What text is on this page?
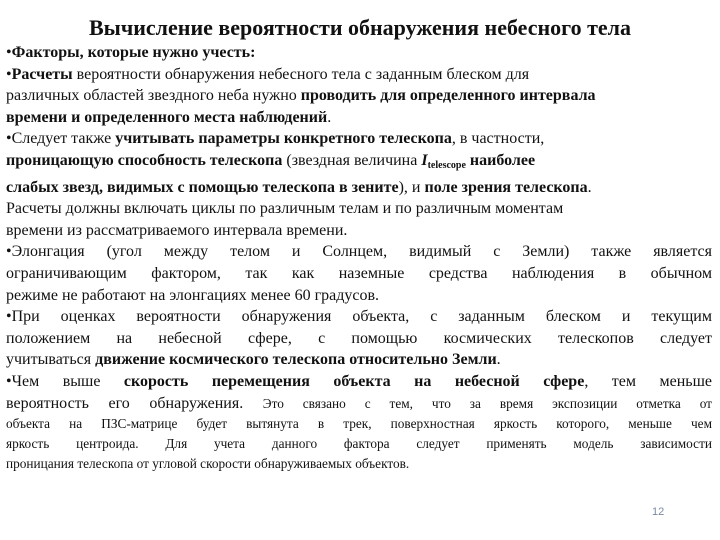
Вычисление вероятности обнаружения небесного тела
•Факторы, которые нужно учесть:
•Расчеты вероятности обнаружения небесного тела с заданным блеском для
различных областей звездного неба нужно проводить для определенного интервала
времени и определенного места наблюдений.
•Следует также учитывать параметры конкретного телескопа, в частности,
проницающую способность телескопа (звездная величина $I_{telescope}$ наиболее
слабых звезд, видимых с помощью телескопа в зените), и поле зрения телескопа.
Расчеты должны включать циклы по различным телам и по различным моментам
времени из рассматриваемого интервала времени.
•Элонгация (угол между телом и Солнцем, видимый с Земли) также является
ограничивающим фактором, так как наземные средства наблюдения в обычном
режиме не работают на элонгациях менее 60 градусов.
•При оценках вероятности обнаружения объекта, с заданным блеском и текущим
положением на небесной сфере, с помощью космических телескопов следует
учитываться движение космического телескопа относительно Земли.
•Чем выше скорость перемещения объекта на небесной сфере, тем меньше
вероятность его обнаружения. Это связано с тем, что за время экспозиции отметка от
объекта на ПЗС-матрице будет вытянута в трек, поверхностная яркость которого, меньше чем
яркость центроида. Для учета данного фактора следует применять модель зависимости
проницания телескопа от угловой скорости обнаруживаемых объектов.
12
